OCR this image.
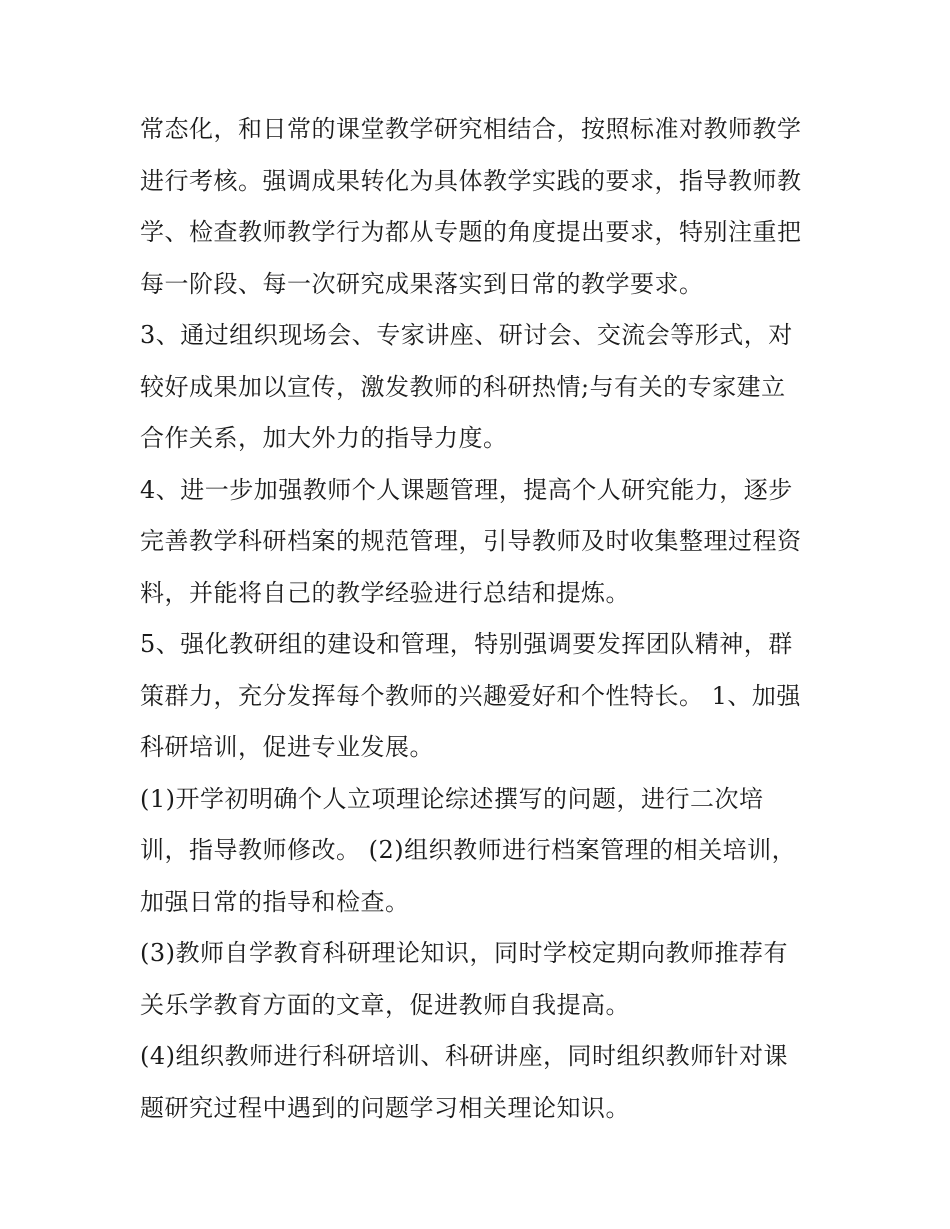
常态化，和日常的课堂教学研究相结合，按照标准对教师教学
进行考核。强调成果转化为具体教学实践的要求，指导教师教
学、检查教师教学行为都从专题的角度提出要求，特别注重把
每一阶段、每一次研究成果落实到日常的教学要求。
3、通过组织现场会、专家讲座、研讨会、交流会等形式，对
较好成果加以宣传，激发教师的科研热情;与有关的专家建立
合作关系，加大外力的指导力度。
4、进一步加强教师个人课题管理，提高个人研究能力，逐步
完善教学科研档案的规范管理，引导教师及时收集整理过程资
料，并能将自己的教学经验进行总结和提炼。
5、强化教研组的建设和管理，特别强调要发挥团队精神，群
策群力，充分发挥每个教师的兴趣爱好和个性特长。 1、加强
科研培训，促进专业发展。
(1)开学初明确个人立项理论综述撰写的问题，进行二次培
训，指导教师修改。 (2)组织教师进行档案管理的相关培训，
加强日常的指导和检查。
(3)教师自学教育科研理论知识，同时学校定期向教师推荐有
关乐学教育方面的文章，促进教师自我提高。
(4)组织教师进行科研培训、科研讲座，同时组织教师针对课
题研究过程中遇到的问题学习相关理论知识。
